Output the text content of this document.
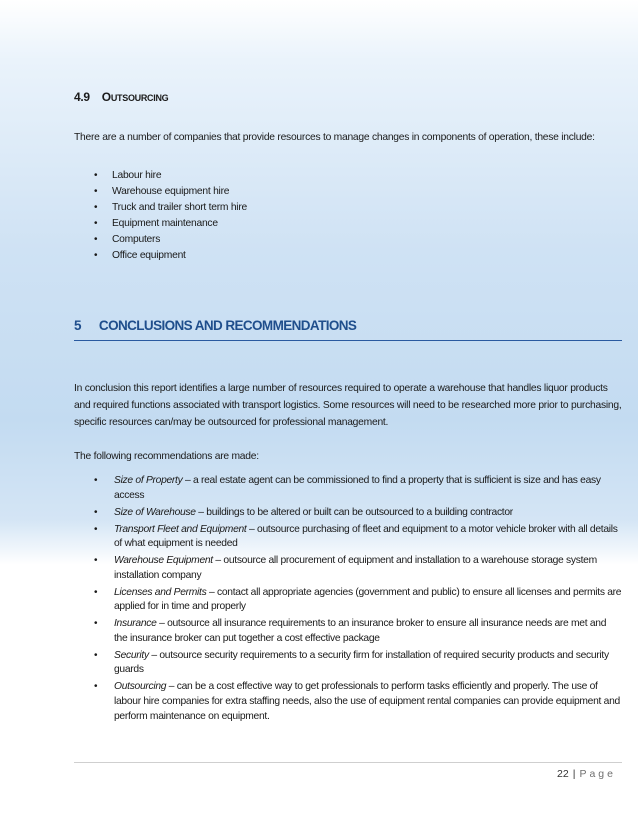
4.9 OUTSOURCING
There are a number of companies that provide resources to manage changes in components of operation, these include:
• Labour hire
• Warehouse equipment hire
• Truck and trailer short term hire
• Equipment maintenance
• Computers
• Office equipment
5 CONCLUSIONS AND RECOMMENDATIONS
In conclusion this report identifies a large number of resources required to operate a warehouse that handles liquor products and required functions associated with transport logistics. Some resources will need to be researched more prior to purchasing, specific resources can/may be outsourced for professional management.
The following recommendations are made:
• Size of Property – a real estate agent can be commissioned to find a property that is sufficient is size and has easy access
• Size of Warehouse – buildings to be altered or built can be outsourced to a building contractor
• Transport Fleet and Equipment – outsource purchasing of fleet and equipment to a motor vehicle broker with all details of what equipment is needed
• Warehouse Equipment – outsource all procurement of equipment and installation to a warehouse storage system installation company
• Licenses and Permits – contact all appropriate agencies (government and public) to ensure all licenses and permits are applied for in time and properly
• Insurance – outsource all insurance requirements to an insurance broker to ensure all insurance needs are met and the insurance broker can put together a cost effective package
• Security – outsource security requirements to a security firm for installation of required security products and security guards
• Outsourcing – can be a cost effective way to get professionals to perform tasks efficiently and properly. The use of labour hire companies for extra staffing needs, also the use of equipment rental companies can provide equipment and perform maintenance on equipment.
22 | Page
